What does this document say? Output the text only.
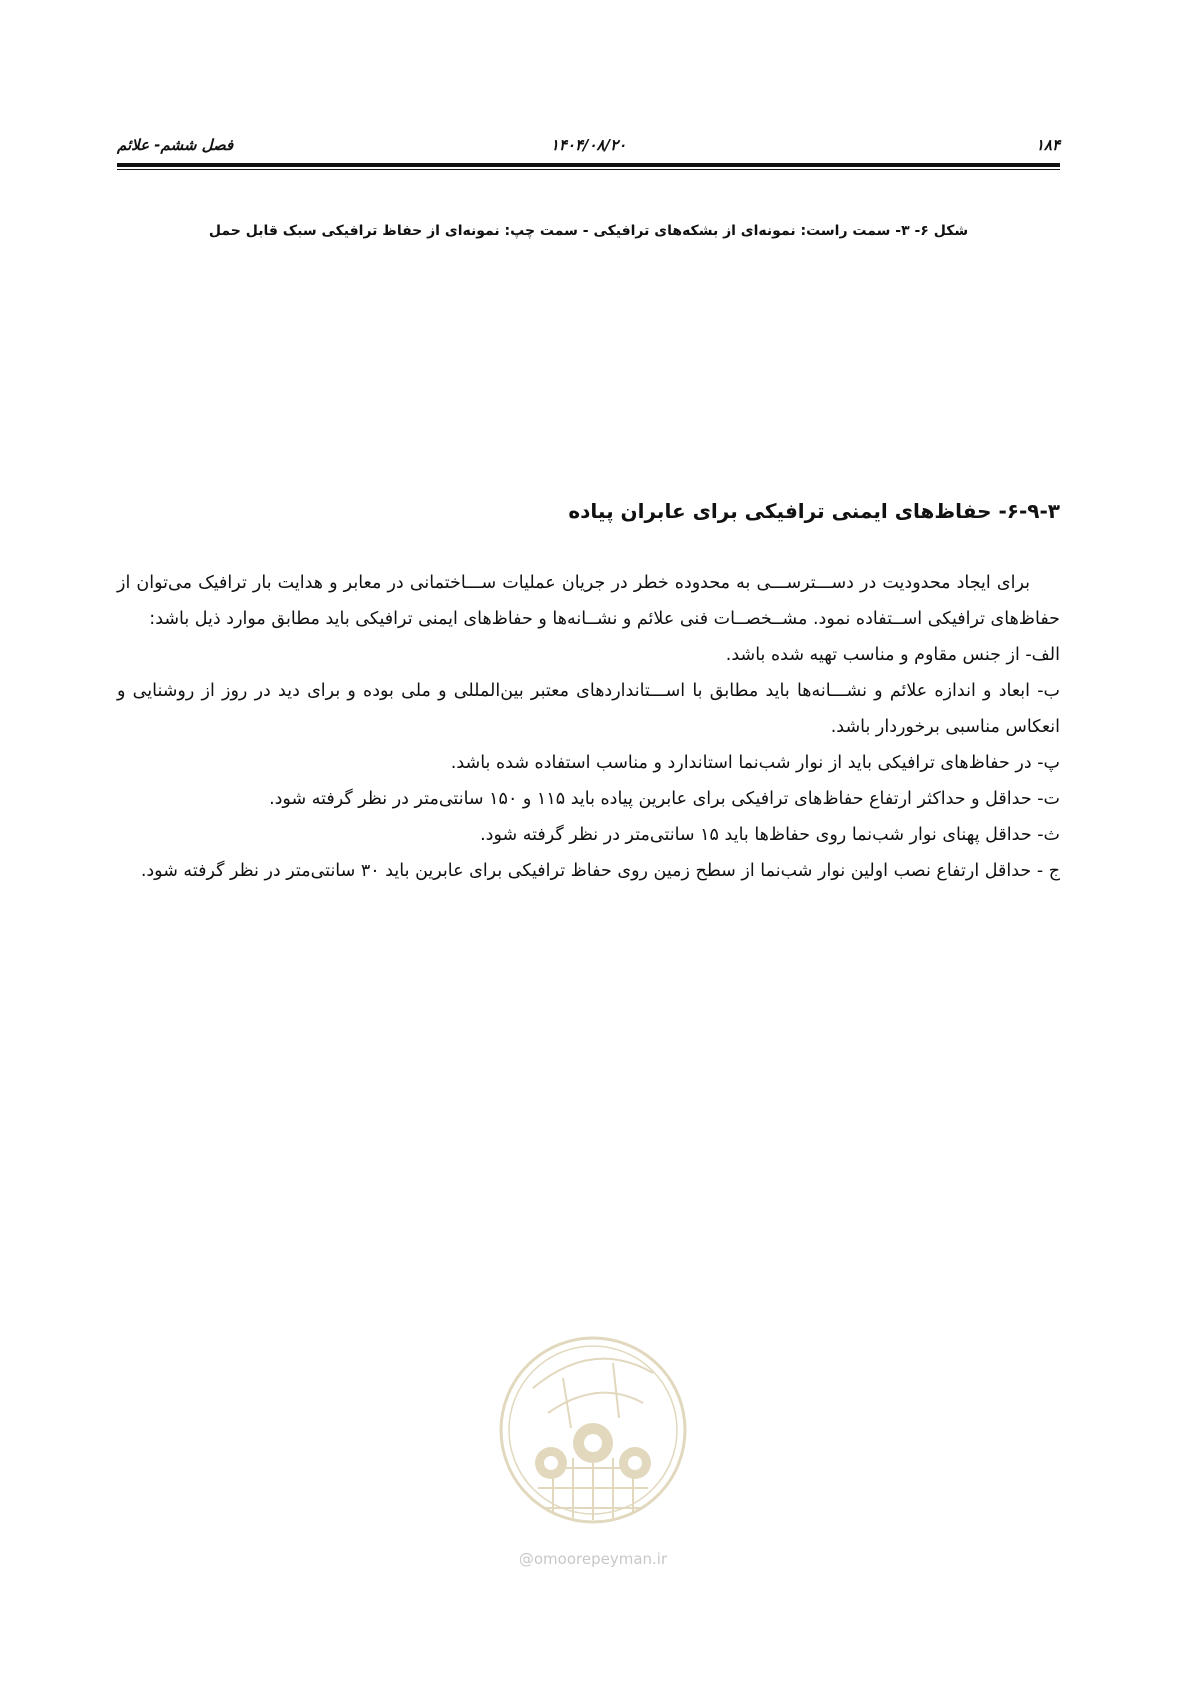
۱۸۴
۱۴۰۴/۰۸/۲۰
فصل ششم- علائم
شکل ۶- ۳- سمت راست: نمونه‌ای از بشکه‌های ترافیکی - سمت چپ: نمونه‌ای از حفاظ ترافیکی سبک قابل حمل
۶-۹-۳- حفاظ‌های ایمنی ترافیکی برای عابران پیاده

برای ایجاد محدودیت در دســـترســـی به محدوده خطر در جریان عملیات ســـاختمانی در معابر و هدایت بار ترافیک می‌توان از حفاظ‌های ترافیکی اســتفاده نمود. مشــخصــات فنی علائم و نشــانه‌ها و حفاظ‌های ایمنی ترافیکی باید مطابق موارد ذیل باشد:

الف- از جنس مقاوم و مناسب تهیه شده باشد.

ب- ابعاد و اندازه علائم و نشـــانه‌ها باید مطابق با اســـتانداردهای معتبر بین‌المللی و ملی بوده و برای دید در روز از روشنایی و انعکاس مناسبی برخوردار باشد.

پ- در حفاظ‌های ترافیکی باید از نوار شب‌نما استاندارد و مناسب استفاده شده باشد.

ت- حداقل و حداکثر ارتفاع حفاظ‌های ترافیکی برای عابرین پیاده باید ۱۱۵ و ۱۵۰ سانتی‌متر در نظر گرفته شود.

ث- حداقل پهنای نوار شب‌نما روی حفاظ‌ها باید ۱۵ سانتی‌متر در نظر گرفته شود.

ج - حداقل ارتفاع نصب اولین نوار شب‌نما از سطح زمین روی حفاظ ترافیکی برای عابرین باید ۳۰ سانتی‌متر در نظر گرفته شود.

@omoorepeyman.ir
